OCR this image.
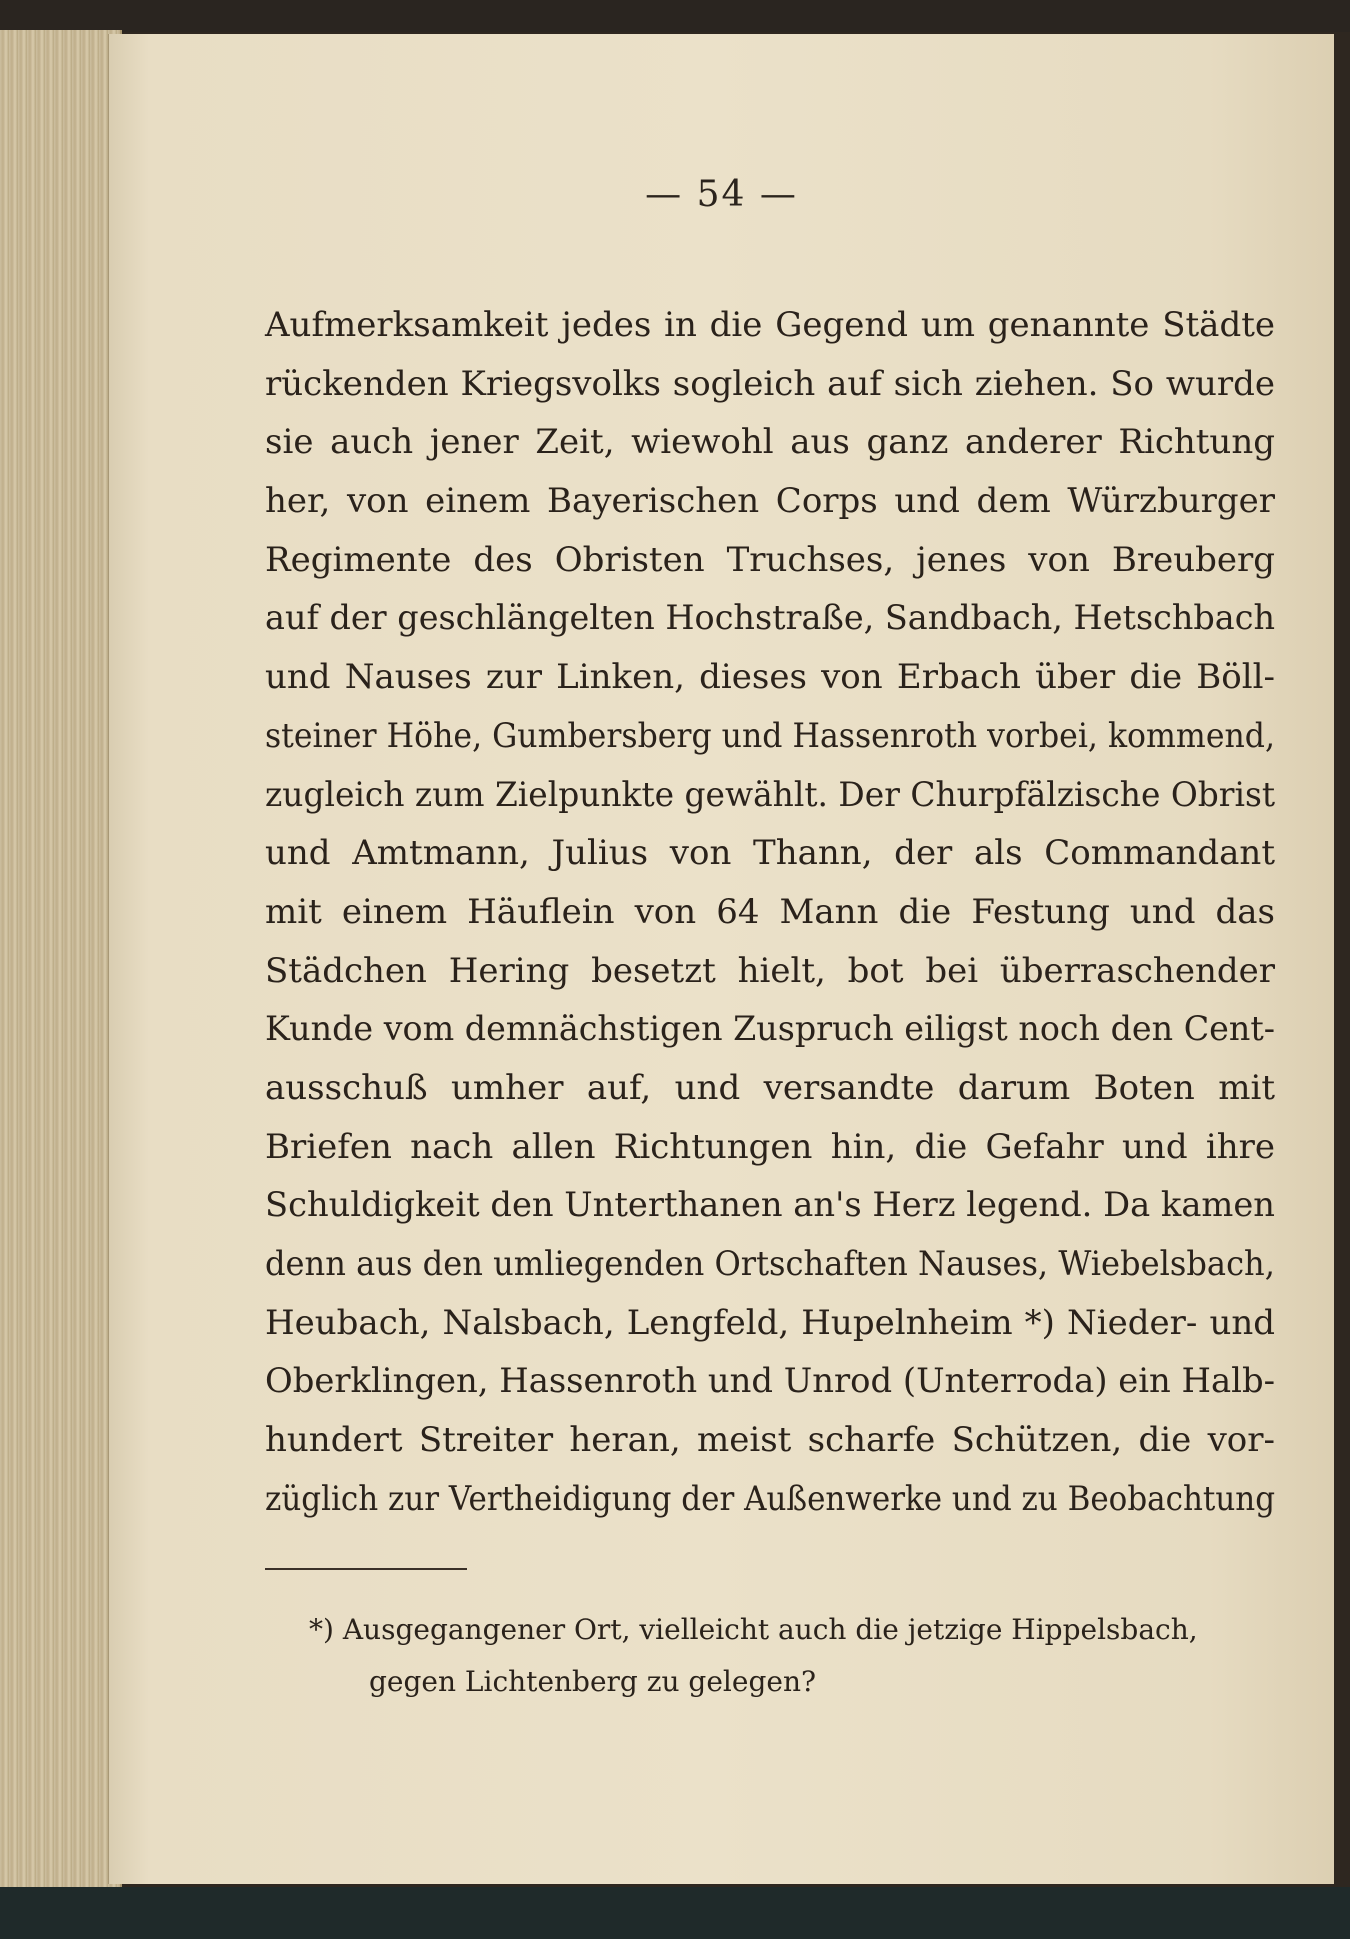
— 54 —
Aufmerksamkeit jedes in die Gegend um genannte Städte
rückenden Kriegsvolks sogleich auf sich ziehen. So wurde
sie auch jener Zeit, wiewohl aus ganz anderer Richtung
her, von einem Bayerischen Corps und dem Würzburger
Regimente des Obristen Truchses, jenes von Breuberg
auf der geschlängelten Hochstraße, Sandbach, Hetschbach
und Nauses zur Linken, dieses von Erbach über die Böll-
steiner Höhe, Gumbersberg und Hassenroth vorbei, kommend,
zugleich zum Zielpunkte gewählt. Der Churpfälzische Obrist
und Amtmann, Julius von Thann, der als Commandant
mit einem Häuflein von 64 Mann die Festung und das
Städchen Hering besetzt hielt, bot bei überraschender
Kunde vom demnächstigen Zuspruch eiligst noch den Cent-
ausschuß umher auf, und versandte darum Boten mit
Briefen nach allen Richtungen hin, die Gefahr und ihre
Schuldigkeit den Unterthanen an's Herz legend. Da kamen
denn aus den umliegenden Ortschaften Nauses, Wiebelsbach,
Heubach, Nalsbach, Lengfeld, Hupelnheim *) Nieder- und
Oberklingen, Hassenroth und Unrod (Unterroda) ein Halb-
hundert Streiter heran, meist scharfe Schützen, die vor-
züglich zur Vertheidigung der Außenwerke und zu Beobachtung
*) Ausgegangener Ort, vielleicht auch die jetzige Hippelsbach,
gegen Lichtenberg zu gelegen?
